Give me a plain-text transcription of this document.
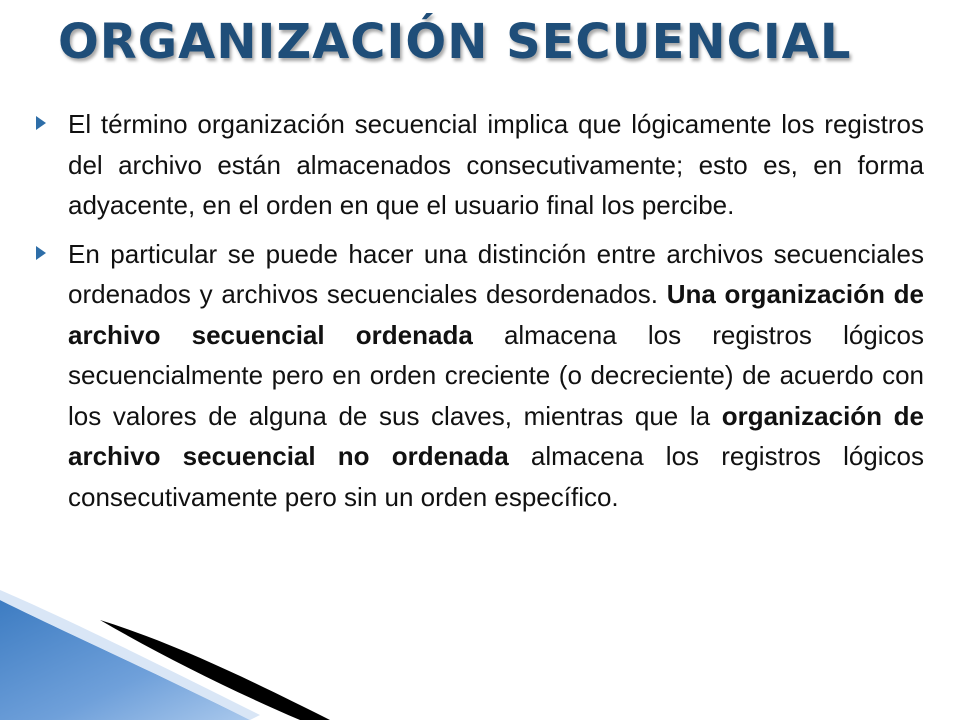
ORGANIZACIÓN SECUENCIAL

El término organización secuencial implica que lógicamente los registros del archivo están almacenados consecutivamente; esto es, en forma adyacente, en el orden en que el usuario final los percibe.

En particular se puede hacer una distinción entre archivos secuenciales ordenados y archivos secuenciales desordenados. Una organización de archivo secuencial ordenada almacena los registros lógicos secuencialmente pero en orden creciente (o decreciente) de acuerdo con los valores de alguna de sus claves, mientras que la organización de archivo secuencial no ordenada almacena los registros lógicos consecutivamente pero sin un orden específico.
